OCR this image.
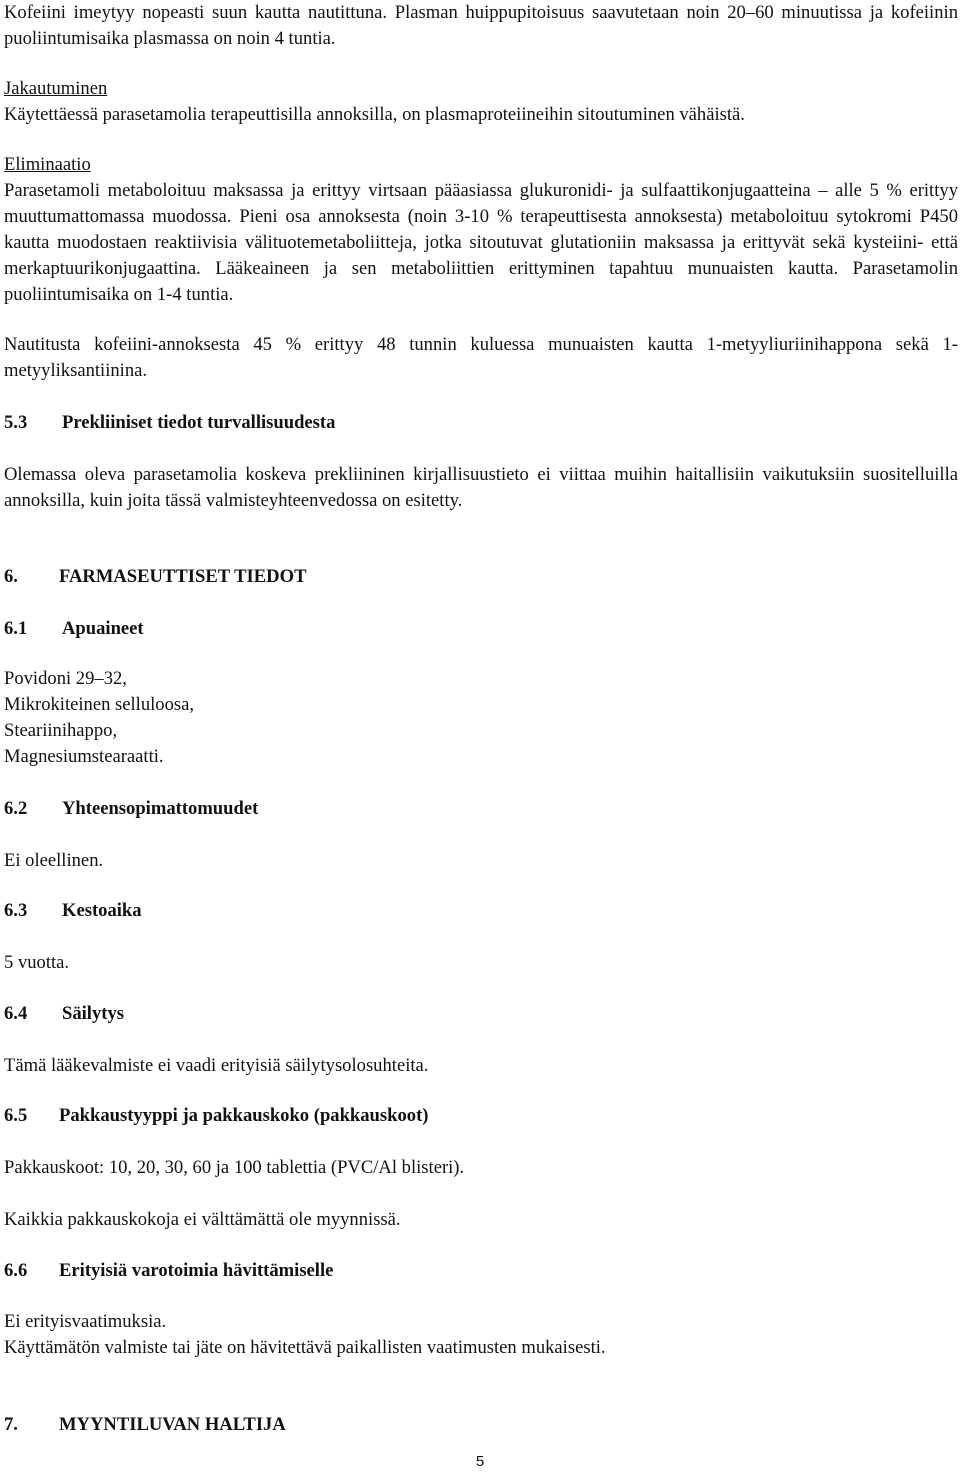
Kofeiini imeytyy nopeasti suun kautta nautittuna. Plasman huippupitoisuus saavutetaan noin 20–60 minuutissa ja kofeiinin puoliintumisaika plasmassa on noin 4 tuntia.

Jakautuminen

Käytettäessä parasetamolia terapeuttisilla annoksilla, on plasmaproteiineihin sitoutuminen vähäistä.

Eliminaatio

Parasetamoli metaboloituu maksassa ja erittyy virtsaan pääasiassa glukuronidi- ja sulfaattikonjugaatteina – alle 5 % erittyy muuttumattomassa muodossa. Pieni osa annoksesta (noin 3-10 % terapeuttisesta annoksesta) metaboloituu sytokromi P450 kautta muodostaen reaktiivisia välituotemetaboliitteja, jotka sitoutuvat glutationiin maksassa ja erittyvät sekä kysteiini- että merkaptuurikonjugaattina. Lääkeaineen ja sen metaboliittien erittyminen tapahtuu munuaisten kautta. Parasetamolin puoliintumisaika on 1-4 tuntia.

Nautitusta kofeiini-annoksesta 45 % erittyy 48 tunnin kuluessa munuaisten kautta 1-metyyliuriinihappona sekä 1-metyyliksantiinina.

5.3 Prekliiniset tiedot turvallisuudesta

Olemassa oleva parasetamolia koskeva prekliininen kirjallisuustieto ei viittaa muihin haitallisiin vaikutuksiin suositelluilla annoksilla, kuin joita tässä valmisteyhteenvedossa on esitetty.

6. FARMASEUTTISET TIEDOT
6.1 Apuaineet
Povidoni 29–32,
Mikrokiteinen selluloosa,
Steariinihappo,
Magnesiumstearaatti.
6.2 Yhteensopimattomuudet

Ei oleellinen.

6.3 Kestoaika

5 vuotta.

6.4 Säilytys

Tämä lääkevalmiste ei vaadi erityisiä säilytysolosuhteita.

6.5 Pakkaustyyppi ja pakkauskoko (pakkauskoot)

Pakkauskoot: 10, 20, 30, 60 ja 100 tablettia (PVC/Al blisteri).

Kaikkia pakkauskokoja ei välttämättä ole myynnissä.

6.6 Erityisiä varotoimia hävittämiselle

Ei erityisvaatimuksia.

Käyttämätön valmiste tai jäte on hävitettävä paikallisten vaatimusten mukaisesti.

7. MYYNTILUVAN HALTIJA
5
